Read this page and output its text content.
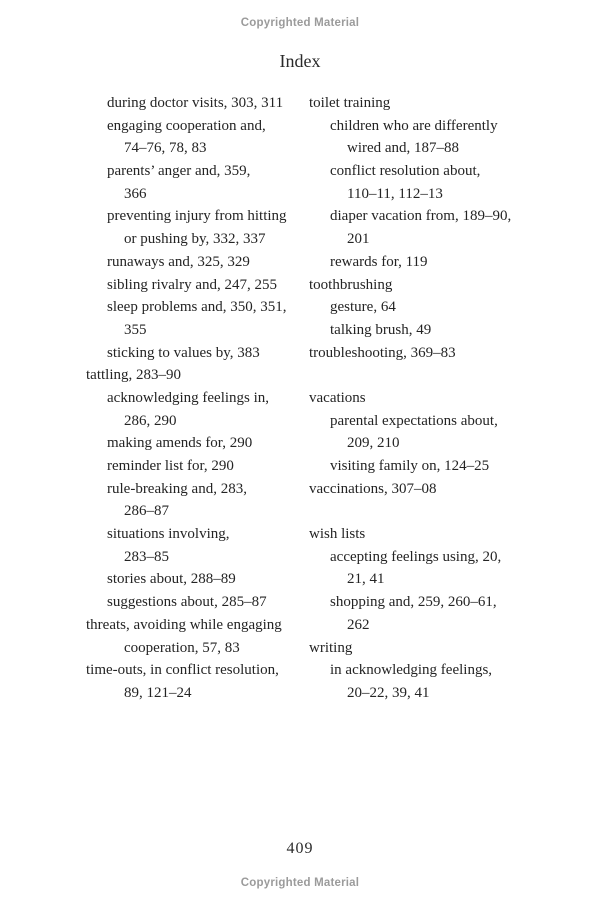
Copyrighted Material
Index
during doctor visits, 303, 311
engaging cooperation and,
74–76, 78, 83
parents’ anger and, 359,
366
preventing injury from hitting
or pushing by, 332, 337
runaways and, 325, 329
sibling rivalry and, 247, 255
sleep problems and, 350, 351,
355
sticking to values by, 383
tattling, 283–90
acknowledging feelings in,
286, 290
making amends for, 290
reminder list for, 290
rule-breaking and, 283,
286–87
situations involving,
283–85
stories about, 288–89
suggestions about, 285–87
threats, avoiding while engaging
cooperation, 57, 83
time-outs, in conflict resolution,
89, 121–24
toilet training
children who are differently
wired and, 187–88
conflict resolution about,
110–11, 112–13
diaper vacation from, 189–90,
201
rewards for, 119
toothbrushing
gesture, 64
talking brush, 49
troubleshooting, 369–83
vacations
parental expectations about,
209, 210
visiting family on, 124–25
vaccinations, 307–08
wish lists
accepting feelings using, 20,
21, 41
shopping and, 259, 260–61,
262
writing
in acknowledging feelings,
20–22, 39, 41
409
Copyrighted Material
